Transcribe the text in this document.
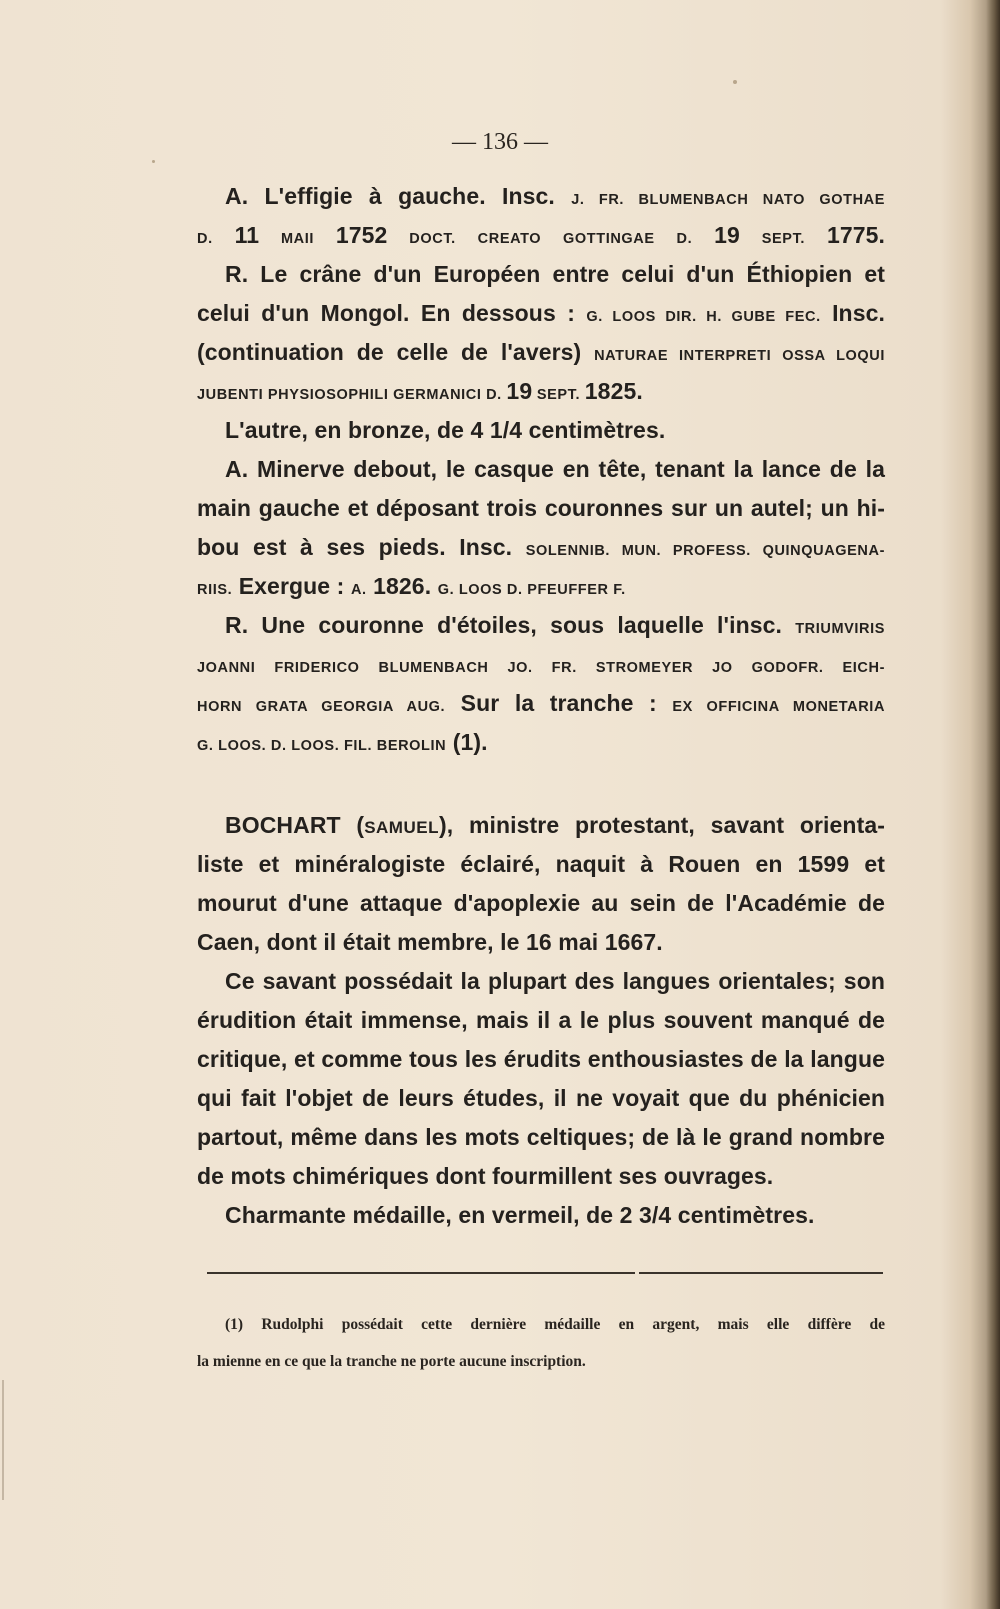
— 136 —
A. L'effigie à gauche. Insc. J. FR. BLUMENBACH NATO GOTHAE
D. 11 MAII 1752 DOCT. CREATO GOTTINGAE D. 19 SEPT. 1775.
R. Le crâne d'un Européen entre celui d'un Éthiopien et
celui d'un Mongol. En dessous : G. LOOS DIR. H. GUBE FEC. Insc.
(continuation de celle de l'avers) NATURAE INTERPRETI OSSA LOQUI
JUBENTI PHYSIOSOPHILI GERMANICI D. 19 SEPT. 1825.
L'autre, en bronze, de 4 1/4 centimètres.
A. Minerve debout, le casque en tête, tenant la lance de la
main gauche et déposant trois couronnes sur un autel; un hi-
bou est à ses pieds. Insc. SOLENNIB. MUN. PROFESS. QUINQUAGENA-
RIIS. Exergue : A. 1826. G. LOOS D. PFEUFFER F.
R. Une couronne d'étoiles, sous laquelle l'insc. TRIUMVIRIS
JOANNI FRIDERICO BLUMENBACH JO. FR. STROMEYER JO GODOFR. EICH-
HORN GRATA GEORGIA AUG. Sur la tranche : EX OFFICINA MONETARIA
G. LOOS. D. LOOS. FIL. BEROLIN (1).
BOCHART (SAMUEL), ministre protestant, savant orienta-
liste et minéralogiste éclairé, naquit à Rouen en 1599 et
mourut d'une attaque d'apoplexie au sein de l'Académie de
Caen, dont il était membre, le 16 mai 1667.
Ce savant possédait la plupart des langues orientales; son
érudition était immense, mais il a le plus souvent manqué de
critique, et comme tous les érudits enthousiastes de la langue
qui fait l'objet de leurs études, il ne voyait que du phénicien
partout, même dans les mots celtiques; de là le grand nombre
de mots chimériques dont fourmillent ses ouvrages.
Charmante médaille, en vermeil, de 2 3/4 centimètres.
(1) Rudolphi possédait cette dernière médaille en argent, mais elle diffère de
la mienne en ce que la tranche ne porte aucune inscription.
